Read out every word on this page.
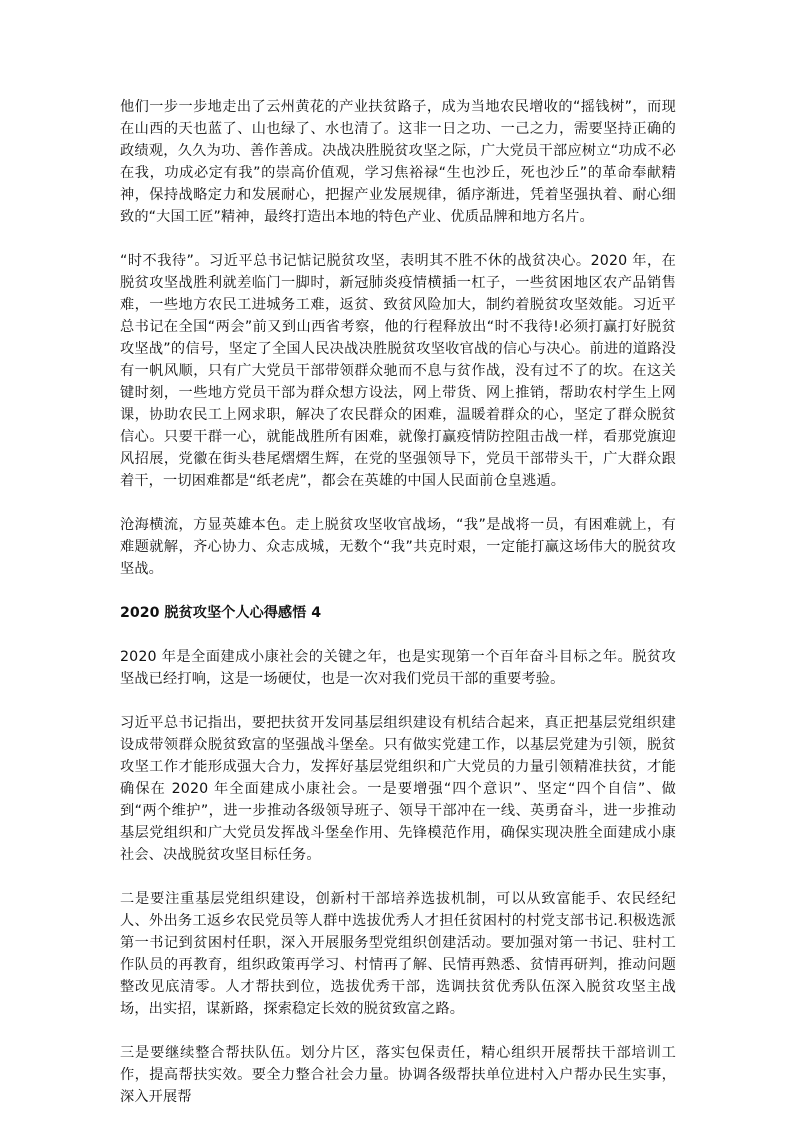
他们一步一步地走出了云州黄花的产业扶贫路子，成为当地农民增收的“摇钱树”，而现在山西的天也蓝了、山也绿了、水也清了。这非一日之功、一己之力，需要坚持正确的政绩观，久久为功、善作善成。决战决胜脱贫攻坚之际，广大党员干部应树立“功成不必在我，功成必定有我”的崇高价值观，学习焦裕禄“生也沙丘，死也沙丘”的革命奉献精神，保持战略定力和发展耐心，把握产业发展规律，循序渐进，凭着坚强执着、耐心细致的“大国工匠”精神，最终打造出本地的特色产业、优质品牌和地方名片。

“时不我待”。习近平总书记惦记脱贫攻坚，表明其不胜不休的战贫决心。2020 年，在脱贫攻坚战胜利就差临门一脚时，新冠肺炎疫情横插一杠子，一些贫困地区农产品销售难，一些地方农民工进城务工难，返贫、致贫风险加大，制约着脱贫攻坚效能。习近平总书记在全国“两会”前又到山西省考察，他的行程释放出“时不我待!必须打赢打好脱贫攻坚战”的信号，坚定了全国人民决战决胜脱贫攻坚收官战的信心与决心。前进的道路没有一帆风顺，只有广大党员干部带领群众驰而不息与贫作战，没有过不了的坎。在这关键时刻，一些地方党员干部为群众想方设法，网上带货、网上推销，帮助农村学生上网课，协助农民工上网求职，解决了农民群众的困难，温暖着群众的心，坚定了群众脱贫信心。只要干群一心，就能战胜所有困难，就像打赢疫情防控阻击战一样，看那党旗迎风招展，党徽在街头巷尾熠熠生辉，在党的坚强领导下，党员干部带头干，广大群众跟着干，一切困难都是“纸老虎”，都会在英雄的中国人民面前仓皇逃遁。

沧海横流，方显英雄本色。走上脱贫攻坚收官战场，“我”是战将一员，有困难就上，有难题就解，齐心协力、众志成城，无数个“我”共克时艰，一定能打赢这场伟大的脱贫攻坚战。

2020 脱贫攻坚个人心得感悟 4

2020 年是全面建成小康社会的关键之年，也是实现第一个百年奋斗目标之年。脱贫攻坚战已经打响，这是一场硬仗，也是一次对我们党员干部的重要考验。

习近平总书记指出，要把扶贫开发同基层组织建设有机结合起来，真正把基层党组织建设成带领群众脱贫致富的坚强战斗堡垒。只有做实党建工作，以基层党建为引领，脱贫攻坚工作才能形成强大合力，发挥好基层党组织和广大党员的力量引领精准扶贫，才能确保在 2020 年全面建成小康社会。一是要增强“四个意识”、坚定“四个自信”、做到“两个维护”，进一步推动各级领导班子、领导干部冲在一线、英勇奋斗，进一步推动基层党组织和广大党员发挥战斗堡垒作用、先锋模范作用，确保实现决胜全面建成小康社会、决战脱贫攻坚目标任务。

二是要注重基层党组织建设，创新村干部培养选拔机制，可以从致富能手、农民经纪人、外出务工返乡农民党员等人群中选拔优秀人才担任贫困村的村党支部书记.积极选派第一书记到贫困村任职，深入开展服务型党组织创建活动。要加强对第一书记、驻村工作队员的再教育，组织政策再学习、村情再了解、民情再熟悉、贫情再研判，推动问题整改见底清零。人才帮扶到位，选拔优秀干部，选调扶贫优秀队伍深入脱贫攻坚主战场，出实招，谋新路，探索稳定长效的脱贫致富之路。

三是要继续整合帮扶队伍。划分片区，落实包保责任，精心组织开展帮扶干部培训工作，提高帮扶实效。要全力整合社会力量。协调各级帮扶单位进村入户帮办民生实事，深入开展帮
